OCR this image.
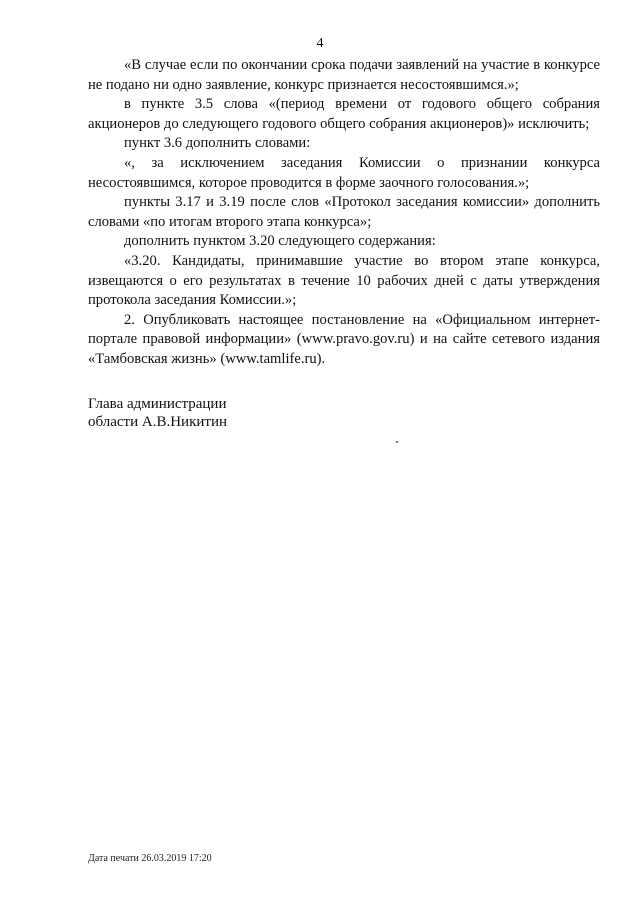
4

«В случае если по окончании срока подачи заявлений на участие в конкурсе не подано ни одно заявление, конкурс признается несостоявшимся.»;

в пункте 3.5 слова «(период времени от годового общего собрания акционеров до следующего годового общего собрания акционеров)» исключить;

пункт 3.6 дополнить словами:

«, за исключением заседания Комиссии о признании конкурса несостоявшимся, которое проводится в форме заочного голосования.»;

пункты 3.17 и 3.19 после слов «Протокол заседания комиссии» дополнить словами «по итогам второго этапа конкурса»;

дополнить пунктом 3.20 следующего содержания:

«3.20. Кандидаты, принимавшие участие во втором этапе конкурса, извещаются о его результатах в течение 10 рабочих дней с даты утверждения протокола заседания Комиссии.»;

2. Опубликовать настоящее постановление на «Официальном интернет-портале правовой информации» (www.pravo.gov.ru) и на сайте сетевого издания «Тамбовская жизнь» (www.tamlife.ru).

Глава администрации
области А.В.Никитин
Дата печати 26.03.2019 17:20
